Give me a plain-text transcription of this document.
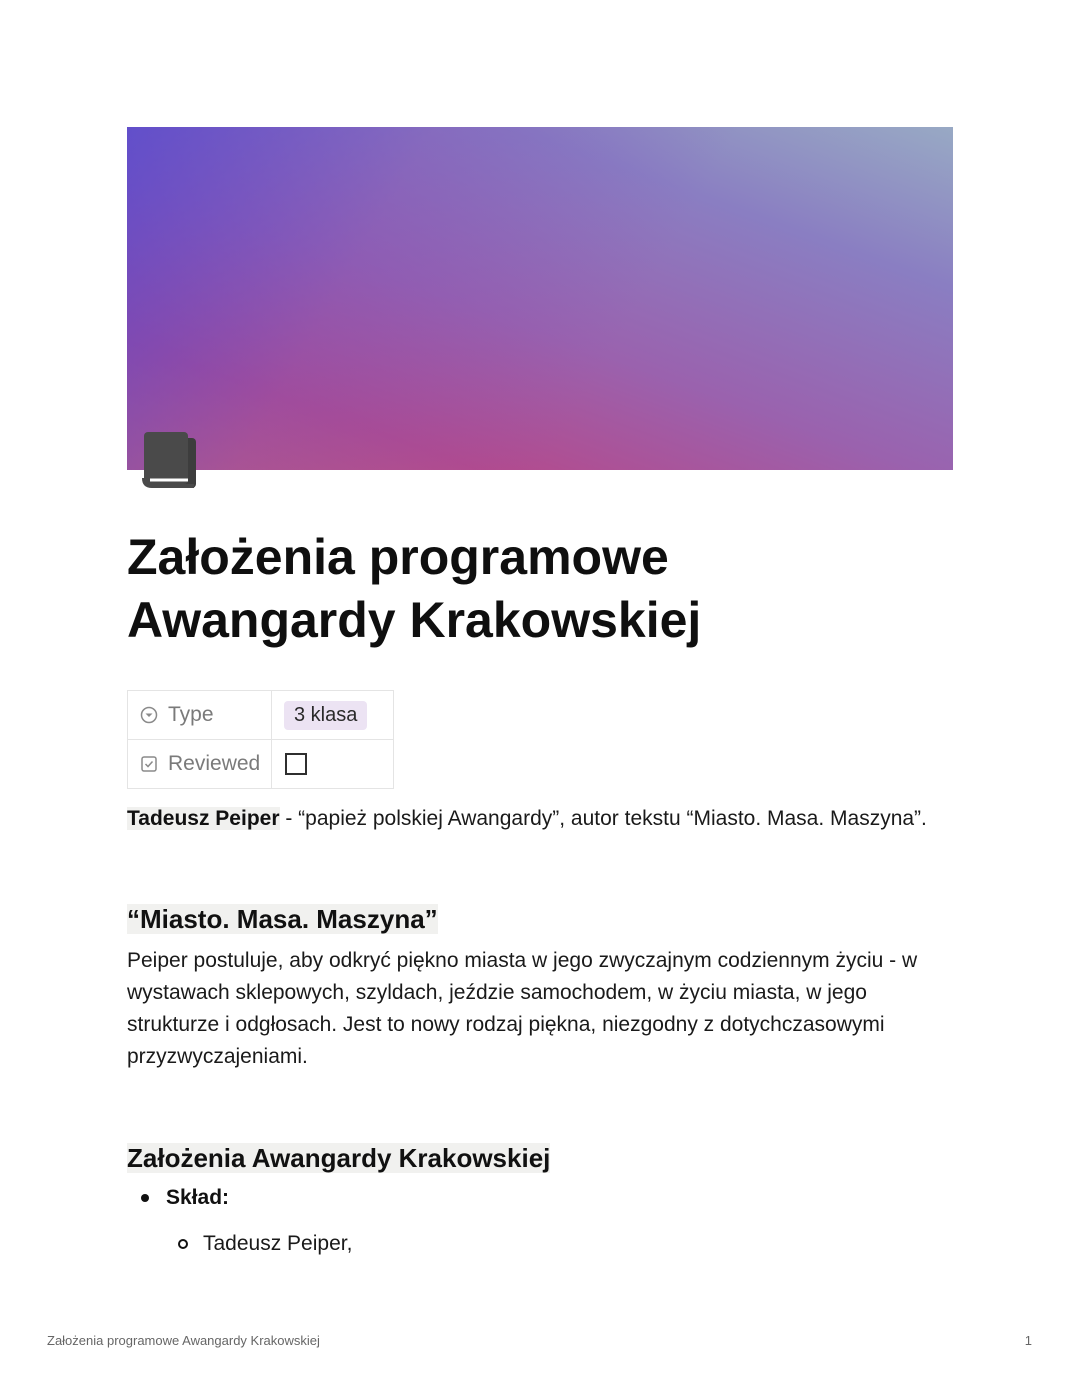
Założenia programowe Awangardy Krakowskiej
Type	3 klasa

Reviewed	

Tadeusz Peiper - “papież polskiej Awangardy”, autor tekstu “Miasto. Masa. Maszyna”.

“Miasto. Masa. Maszyna”

Peiper postuluje, aby odkryć piękno miasta w jego zwyczajnym codziennym życiu - w wystawach sklepowych, szyldach, jeździe samochodem, w życiu miasta, w jego strukturze i odgłosach. Jest to nowy rodzaj piękna, niezgodny z dotychczasowymi przyzwyczajeniami.

Założenia Awangardy Krakowskiej
Skład:
Tadeusz Peiper,
Założenia programowe Awangardy Krakowskiej	1
